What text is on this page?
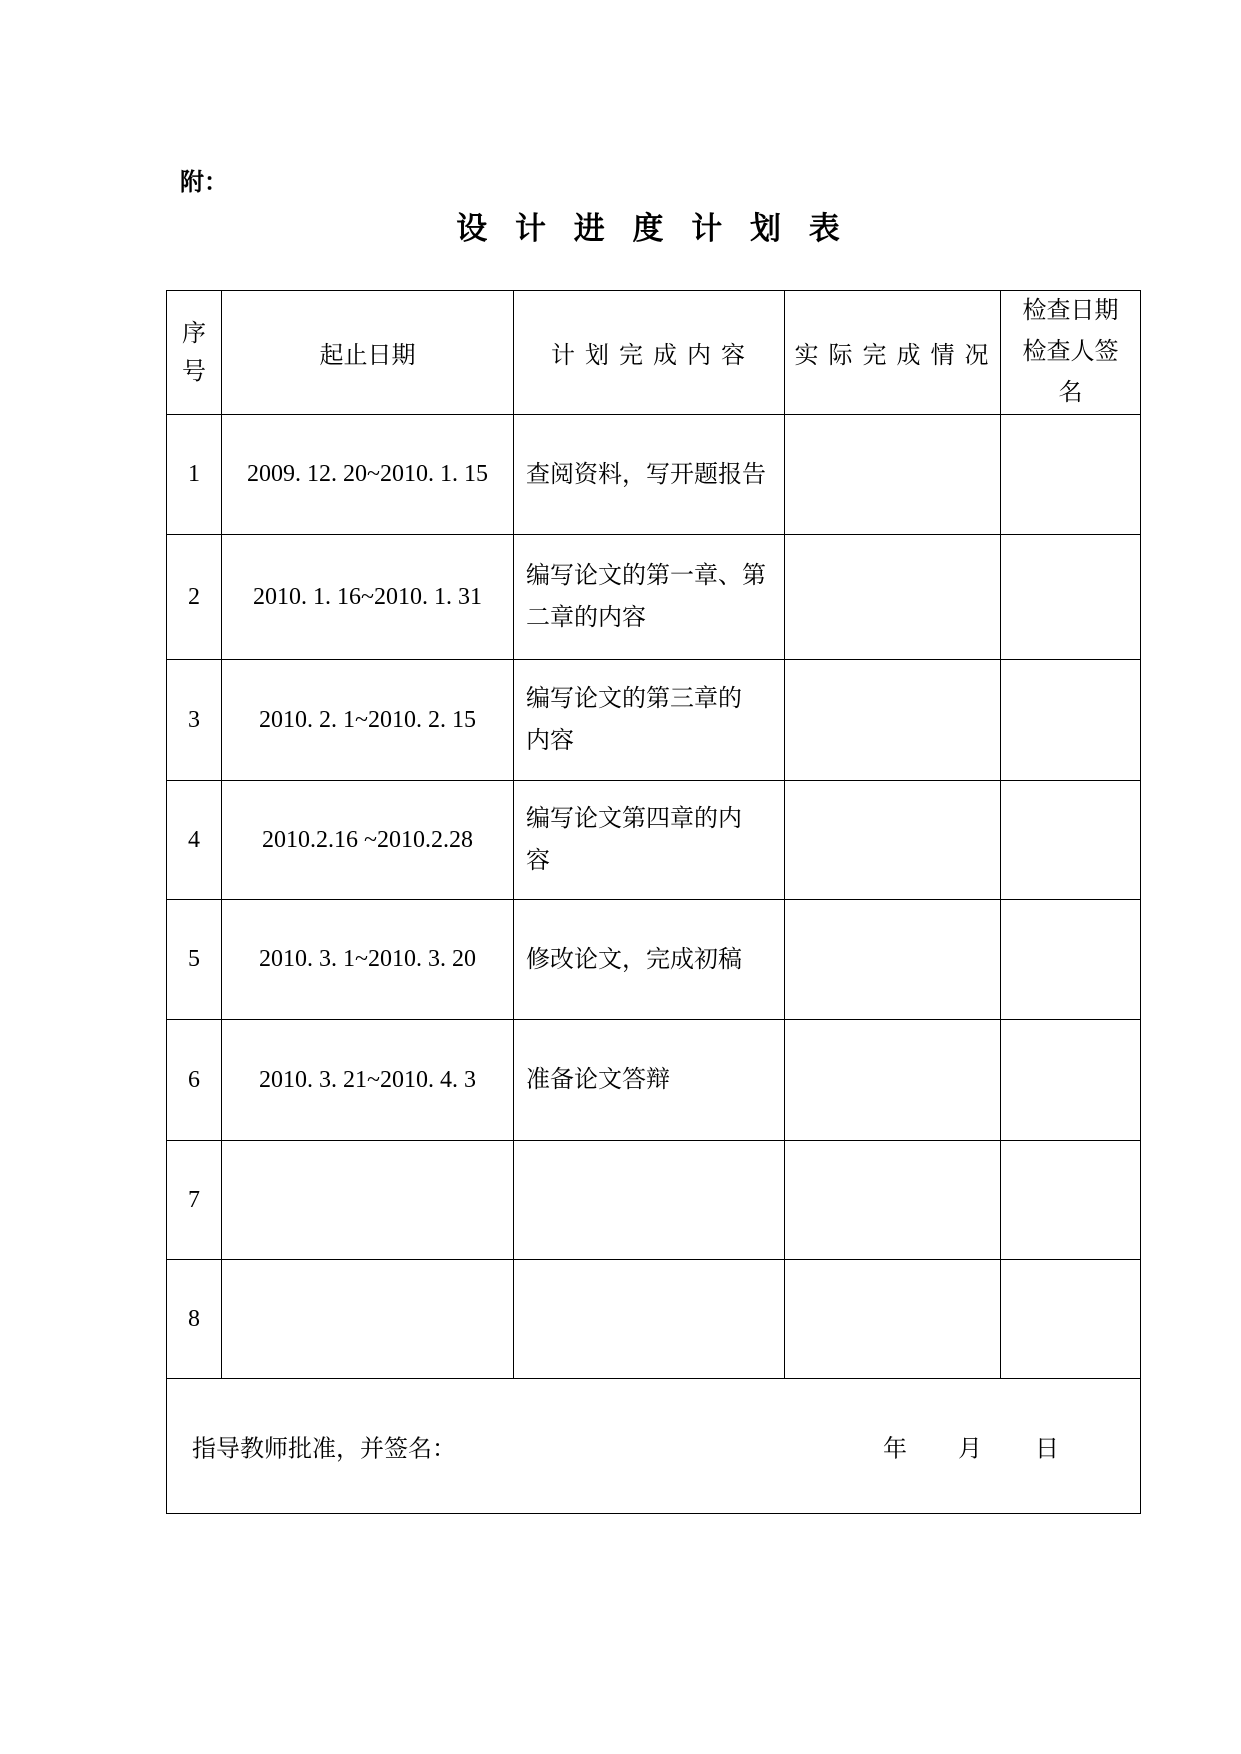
附：
设 计 进 度 计 划 表
序
号	起止日期	计 划 完 成 内 容	实 际 完 成 情 况	检查日期
检查人签
名

1	2009. 12. 20~2010. 1. 15	查阅资料，写开题报告		

2	2010. 1. 16~2010. 1. 31	编写论文的第一章、第
二章的内容		

3	2010. 2. 1~2010. 2. 15	编写论文的第三章的
内容		

4	2010.2.16 ~2010.2.28	编写论文第四章的内
容		

5	2010. 3. 1~2010. 3. 20	修改论文，完成初稿		

6	2010. 3. 21~2010. 4. 3	准备论文答辩		

7				
8				

指导教师批准，并签名： 年 月 日				
